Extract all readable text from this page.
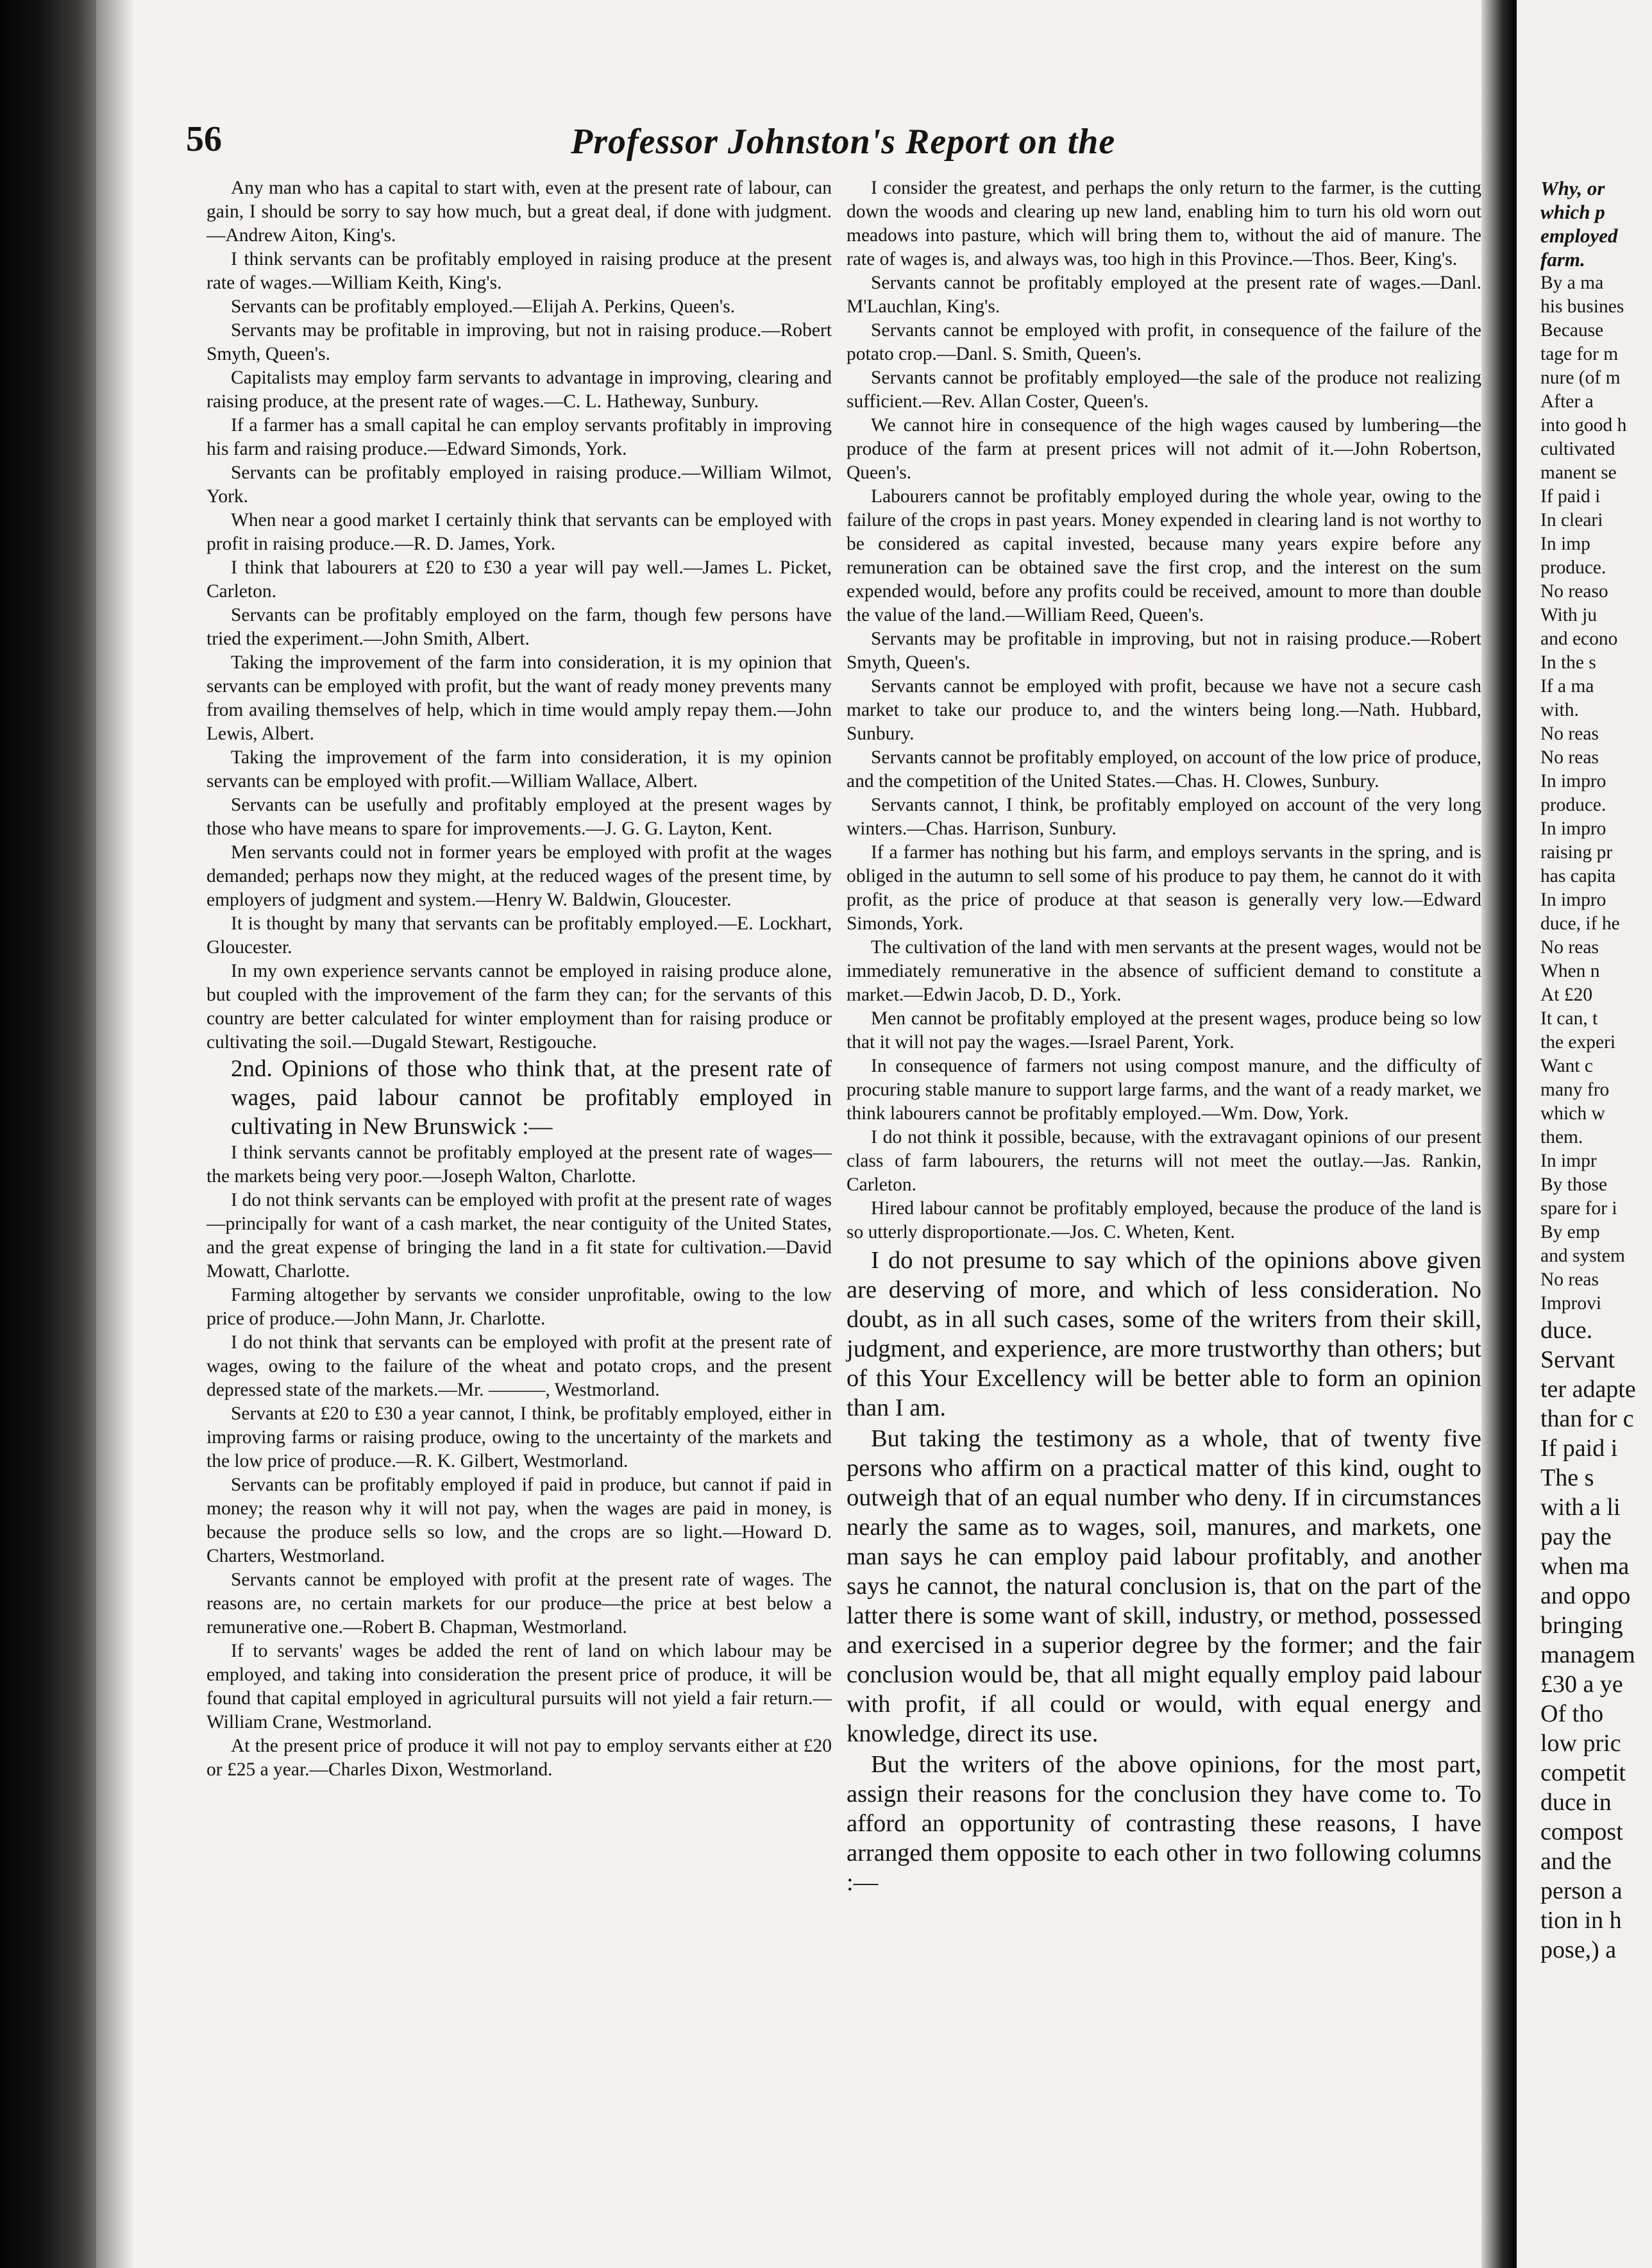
56	Professor Johnston's Report on the

Any man who has a capital to start with, even at the present rate of labour, can gain, I should be sorry to say how much, but a great deal, if done with judgment.—Andrew Aiton, King's.

I think servants can be profitably employed in raising produce at the present rate of wages.—William Keith, King's.

Servants can be profitably employed.—Elijah A. Perkins, Queen's.

Servants may be profitable in improving, but not in raising produce.—Robert Smyth, Queen's.

Capitalists may employ farm servants to advantage in improving, clearing and raising produce, at the present rate of wages.—C. L. Hatheway, Sunbury.

If a farmer has a small capital he can employ servants profitably in improving his farm and raising produce.—Edward Simonds, York.

Servants can be profitably employed in raising produce.—William Wilmot, York.

When near a good market I certainly think that servants can be employed with profit in raising produce.—R. D. James, York.

I think that labourers at £20 to £30 a year will pay well.—James L. Picket, Carleton.

Servants can be profitably employed on the farm, though few persons have tried the experiment.—John Smith, Albert.

Taking the improvement of the farm into consideration, it is my opinion that servants can be employed with profit, but the want of ready money prevents many from availing themselves of help, which in time would amply repay them.—John Lewis, Albert.

Taking the improvement of the farm into consideration, it is my opinion servants can be employed with profit.—William Wallace, Albert.

Servants can be usefully and profitably employed at the present wages by those who have means to spare for improvements.—J. G. G. Layton, Kent.

Men servants could not in former years be employed with profit at the wages demanded; perhaps now they might, at the reduced wages of the present time, by employers of judgment and system.—Henry W. Baldwin, Gloucester.

It is thought by many that servants can be profitably employed.—E. Lockhart, Gloucester.

In my own experience servants cannot be employed in raising produce alone, but coupled with the improvement of the farm they can; for the servants of this country are better calculated for winter employment than for raising produce or cultivating the soil.—Dugald Stewart, Restigouche.

2nd. Opinions of those who think that, at the present rate of wages, paid labour cannot be profitably employed in cultivating in New Brunswick :—

I think servants cannot be profitably employed at the present rate of wages—the markets being very poor.—Joseph Walton, Charlotte.

I do not think servants can be employed with profit at the present rate of wages—principally for want of a cash market, the near contiguity of the United States, and the great expense of bringing the land in a fit state for cultivation.—David Mowatt, Charlotte.

Farming altogether by servants we consider unprofitable, owing to the low price of produce.—John Mann, Jr. Charlotte.

I do not think that servants can be employed with profit at the present rate of wages, owing to the failure of the wheat and potato crops, and the present depressed state of the markets.—Mr. ———, Westmorland.

Servants at £20 to £30 a year cannot, I think, be profitably employed, either in improving farms or raising produce, owing to the uncertainty of the markets and the low price of produce.—R. K. Gilbert, Westmorland.

Servants can be profitably employed if paid in produce, but cannot if paid in money; the reason why it will not pay, when the wages are paid in money, is because the produce sells so low, and the crops are so light.—Howard D. Charters, Westmorland.

Servants cannot be employed with profit at the present rate of wages. The reasons are, no certain markets for our produce—the price at best below a remunerative one.—Robert B. Chapman, Westmorland.

If to servants' wages be added the rent of land on which labour may be employed, and taking into consideration the present price of produce, it will be found that capital employed in agricultural pursuits will not yield a fair return.—William Crane, Westmorland.

At the present price of produce it will not pay to employ servants either at £20 or £25 a year.—Charles Dixon, Westmorland.

I consider the greatest, and perhaps the only return to the farmer, is the cutting down the woods and clearing up new land, enabling him to turn his old worn out meadows into pasture, which will bring them to, without the aid of manure. The rate of wages is, and always was, too high in this Province.—Thos. Beer, King's.

Servants cannot be profitably employed at the present rate of wages.—Danl. M'Lauchlan, King's.

Servants cannot be employed with profit, in consequence of the failure of the potato crop.—Danl. S. Smith, Queen's.

Servants cannot be profitably employed—the sale of the produce not realizing sufficient.—Rev. Allan Coster, Queen's.

We cannot hire in consequence of the high wages caused by lumbering—the produce of the farm at present prices will not admit of it.—John Robertson, Queen's.

Labourers cannot be profitably employed during the whole year, owing to the failure of the crops in past years. Money expended in clearing land is not worthy to be considered as capital invested, because many years expire before any remuneration can be obtained save the first crop, and the interest on the sum expended would, before any profits could be received, amount to more than double the value of the land.—William Reed, Queen's.

Servants may be profitable in improving, but not in raising produce.—Robert Smyth, Queen's.

Servants cannot be employed with profit, because we have not a secure cash market to take our produce to, and the winters being long.—Nath. Hubbard, Sunbury.

Servants cannot be profitably employed, on account of the low price of produce, and the competition of the United States.—Chas. H. Clowes, Sunbury.

Servants cannot, I think, be profitably employed on account of the very long winters.—Chas. Harrison, Sunbury.

If a farmer has nothing but his farm, and employs servants in the spring, and is obliged in the autumn to sell some of his produce to pay them, he cannot do it with profit, as the price of produce at that season is generally very low.—Edward Simonds, York.

The cultivation of the land with men servants at the present wages, would not be immediately remunerative in the absence of sufficient demand to constitute a market.—Edwin Jacob, D. D., York.

Men cannot be profitably employed at the present wages, produce being so low that it will not pay the wages.—Israel Parent, York.

In consequence of farmers not using compost manure, and the difficulty of procuring stable manure to support large farms, and the want of a ready market, we think labourers cannot be profitably employed.—Wm. Dow, York.

I do not think it possible, because, with the extravagant opinions of our present class of farm labourers, the returns will not meet the outlay.—Jas. Rankin, Carleton.

Hired labour cannot be profitably employed, because the produce of the land is so utterly disproportionate.—Jos. C. Wheten, Kent.

I do not presume to say which of the opinions above given are deserving of more, and which of less consideration. No doubt, as in all such cases, some of the writers from their skill, judgment, and experience, are more trustworthy than others; but of this Your Excellency will be better able to form an opinion than I am.

But taking the testimony as a whole, that of twenty five persons who affirm on a practical matter of this kind, ought to outweigh that of an equal number who deny. If in circumstances nearly the same as to wages, soil, manures, and markets, one man says he can employ paid labour profitably, and another says he cannot, the natural conclusion is, that on the part of the latter there is some want of skill, industry, or method, possessed and exercised in a superior degree by the former; and the fair conclusion would be, that all might equally employ paid labour with profit, if all could or would, with equal energy and knowledge, direct its use.

But the writers of the above opinions, for the most part, assign their reasons for the conclusion they have come to. To afford an opportunity of contrasting these reasons, I have arranged them opposite to each other in two following columns :—

Why, or
which p
employed
farm.
By a ma
his busines
Because
tage for m
nure (of m
After a
into good h
cultivated
manent se
If paid i
In cleari
In imp
produce.
No reaso
With ju
and econo
In the s
If a ma
with.
No reas
No reas
In impro
produce.
In impro
raising pr
has capita
In impro
duce, if he
No reas
When n
At £20
It can, t
the experi
Want c
many fro
which w
them.
In impr
By those
spare for i
By emp
and system
No reas
Improvi
duce.
Servant
ter adapte
than for c
If paid i
The s
with a li
pay the
when ma
and oppo
bringing
managem
£30 a ye
Of tho
low pric
competit
duce in
compost
and the
person a
tion in h
pose,) a
